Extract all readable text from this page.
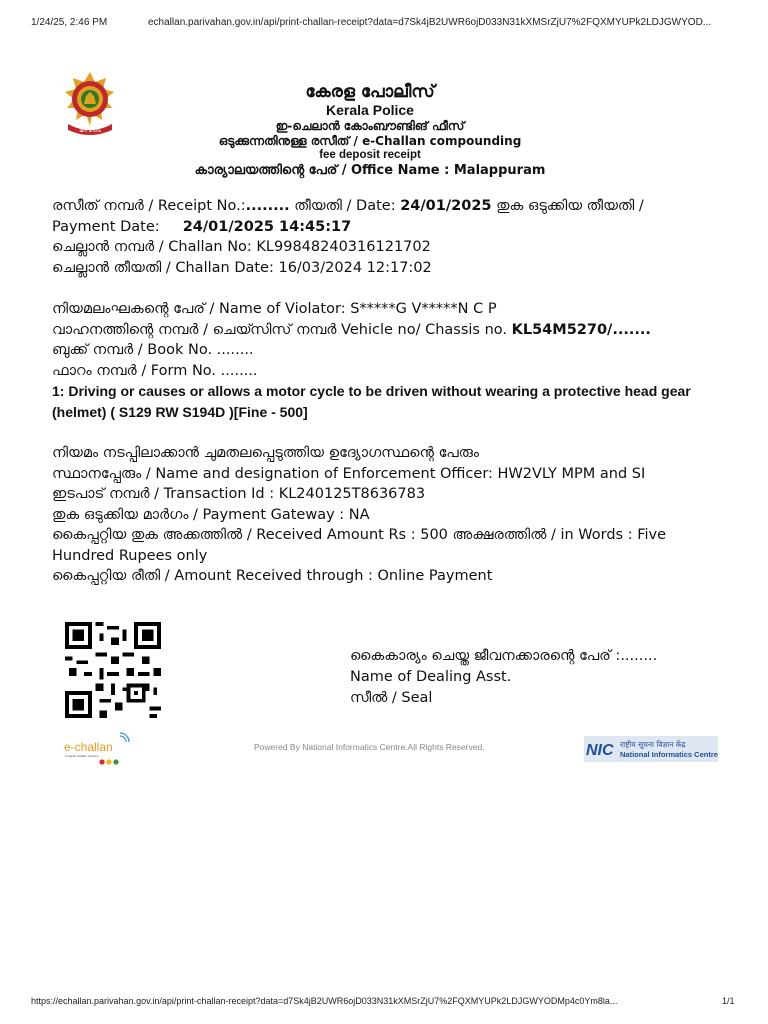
1/24/25, 2:46 PM	echallan.parivahan.gov.in/api/print-challan-receipt?data=d7Sk4jB2UWR6ojD033N31kXMSrZjU7%2FQXMYUPk2LDJGWYOD...
ജന സേവ
കേരള പോലീസ്
Kerala Police
ഇ-ചെലാൻ കോംബൗണ്ടിങ് ഫീസ്
ഒടുക്കുന്നതിനുള്ള രസീത് / e-Challan compounding
fee deposit receipt
കാര്യാലയത്തിന്റെ പേര് / Office Name : Malappuram
രസീത് നമ്പർ / Receipt No.:........ തീയതി / Date: 24/01/2025 തുക ഒടുക്കിയ തീയതി /
Payment Date:     24/01/2025 14:45:17
ചെല്ലാൻ നമ്പർ / Challan No: KL99848240316121702
ചെല്ലാൻ തീയതി / Challan Date: 16/03/2024 12:17:02
നിയമലംഘകന്റെ പേര് / Name of Violator: S*****G V*****N C P
വാഹനത്തിന്റെ നമ്പർ / ചെയ്സിസ് നമ്പർ Vehicle no/ Chassis no. KL54M5270/.......
ബുക്ക് നമ്പർ / Book No. ........
ഫാറം നമ്പർ / Form No. ........
1: Driving or causes or allows a motor cycle to be driven without wearing a protective head gear (helmet) ( S129 RW S194D )[Fine - 500]
നിയമം നടപ്പിലാക്കാൻ ചുമതലപ്പെടുത്തിയ ഉദ്യോഗസ്ഥന്റെ പേരും
സ്ഥാനപ്പേരും / Name and designation of Enforcement Officer: HW2VLY MPM and SI
ഇടപാട് നമ്പർ / Transaction Id : KL240125T8636783
തുക ഒടുക്കിയ മാർഗം / Payment Gateway : NA
കൈപ്പറ്റിയ തുക അക്കത്തിൽ / Received Amount Rs : 500 അക്ഷരത്തിൽ / in Words : Five Hundred Rupees only
കൈപ്പറ്റിയ രീതി / Amount Received through : Online Payment
കൈകാര്യം ചെയ്ത ജീവനക്കാരന്റെ പേര് :........
Name of Dealing Asst.
സീൽ / Seal
e-challan
A Digital Challan Solution
Powered By National Informatics Centre.All Rights Reserved.	NIC राष्ट्रीय सूचना विज्ञान केंद्र
National Informatics Centre
https://echallan.parivahan.gov.in/api/print-challan-receipt?data=d7Sk4jB2UWR6ojD033N31kXMSrZjU7%2FQXMYUPk2LDJGWYODMp4c0Ym8la...	1/1
